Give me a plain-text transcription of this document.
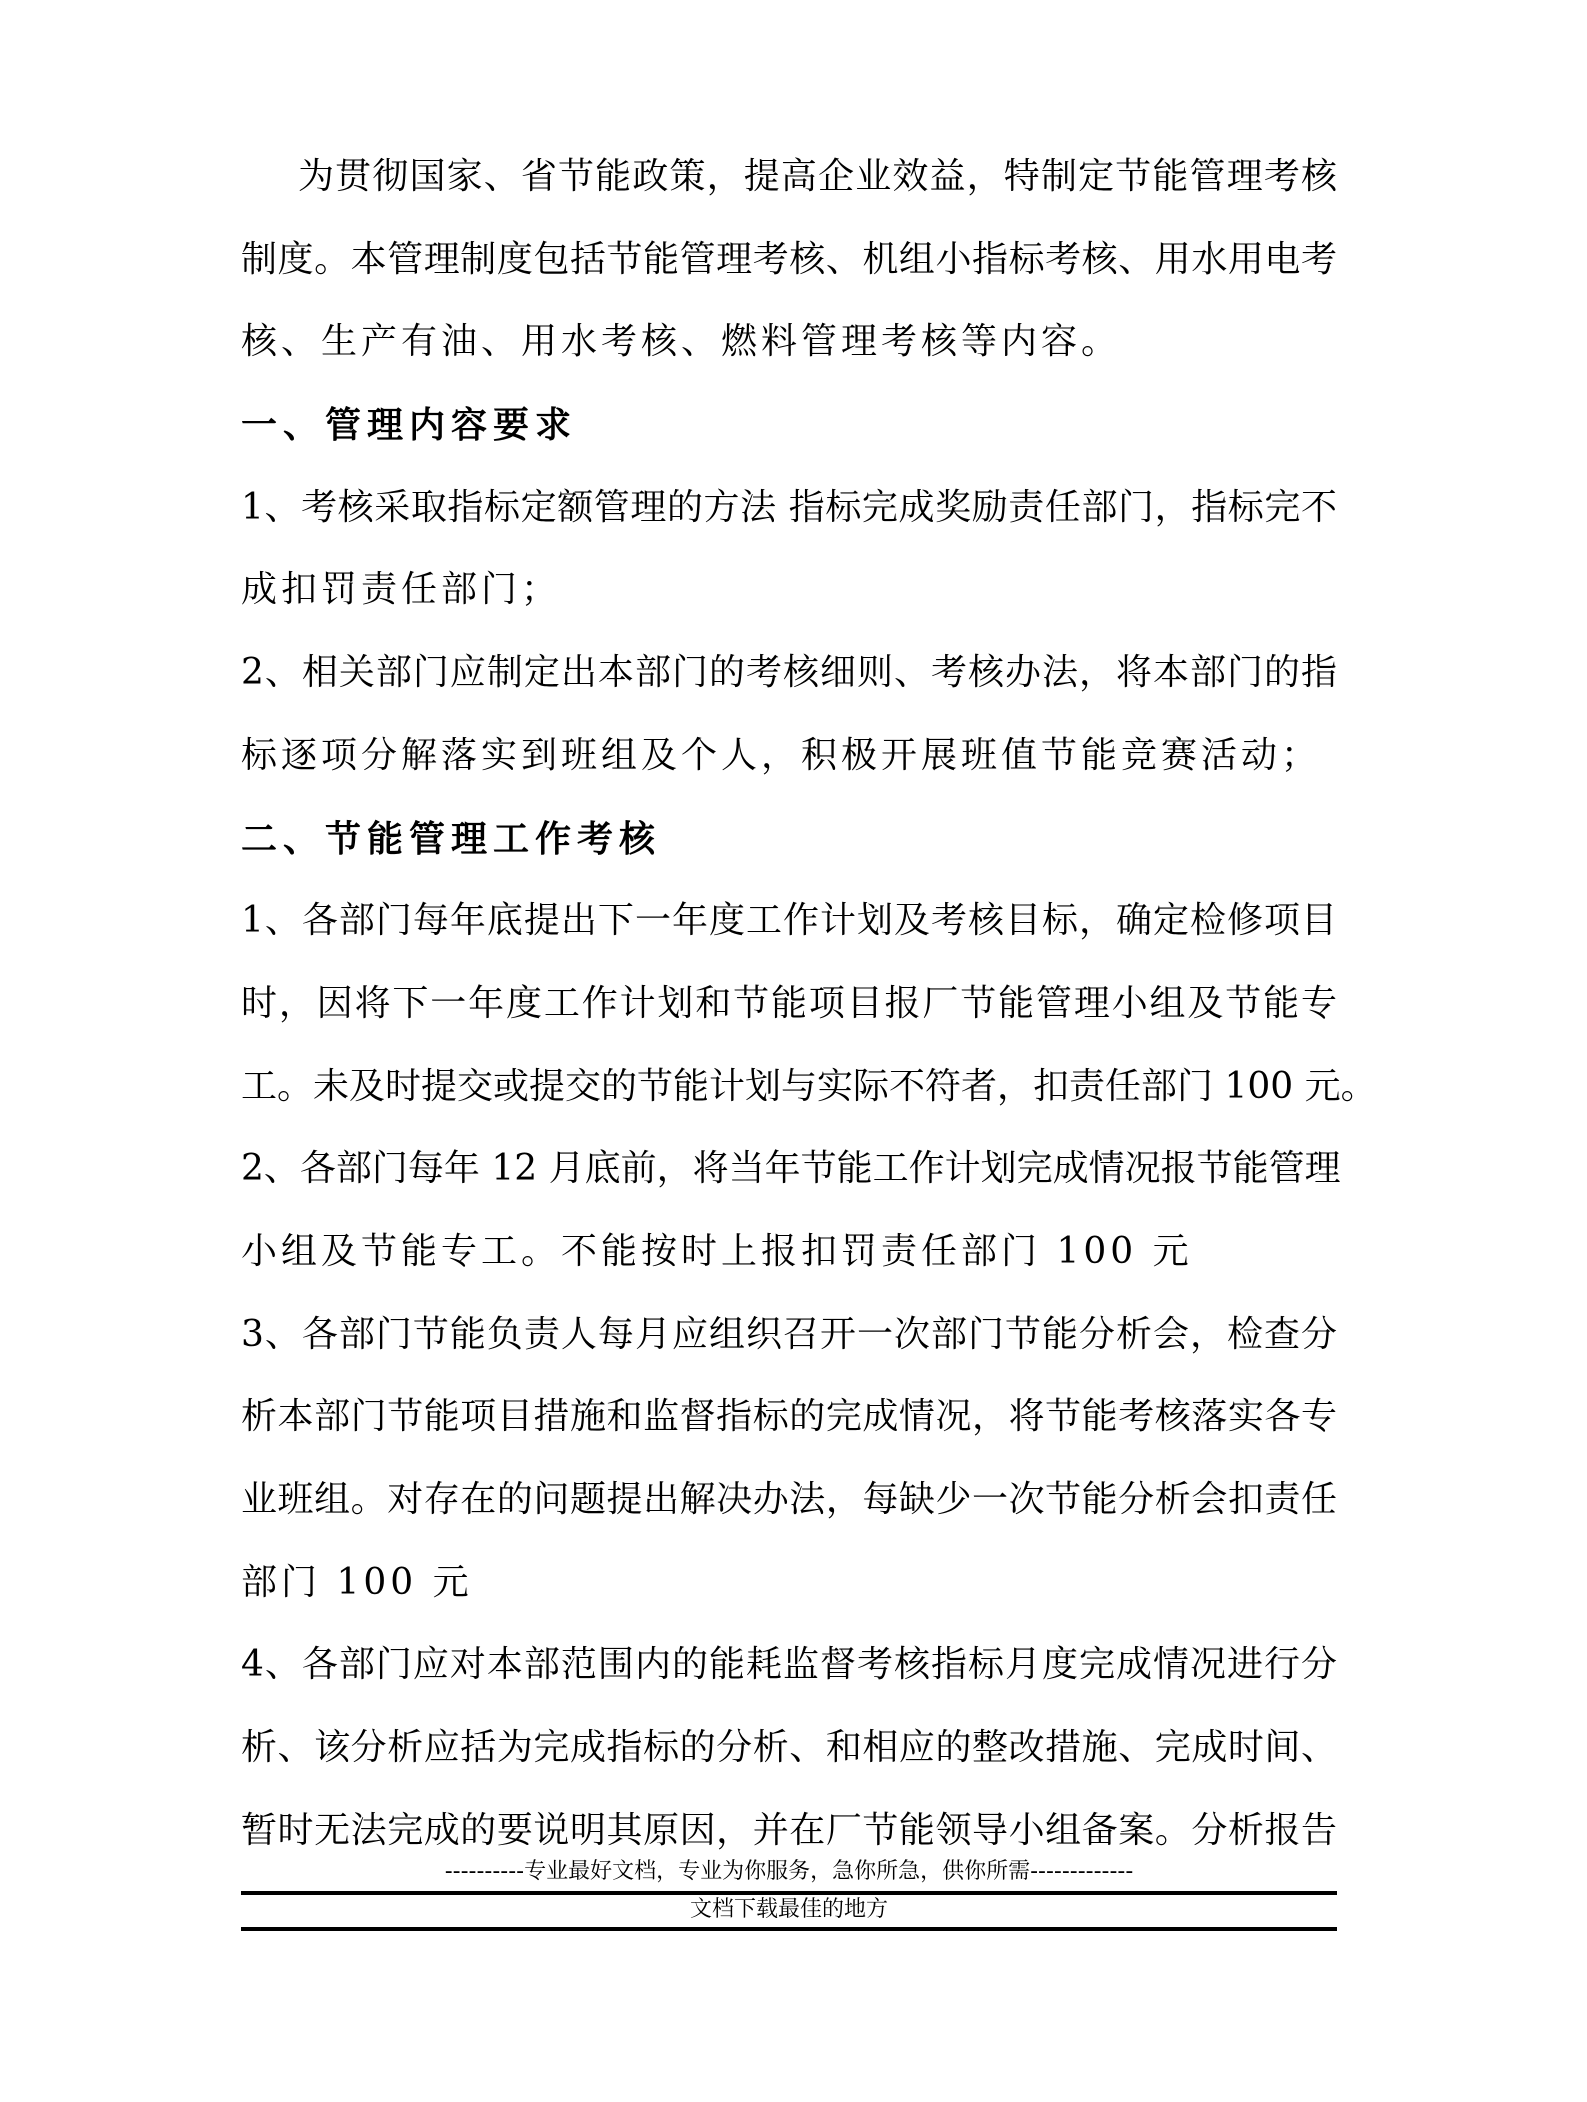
为贯彻国家、省节能政策，提高企业效益，特制定节能管理考核
制度。本管理制度包括节能管理考核、机组小指标考核、用水用电考
核、生产有油、用水考核、燃料管理考核等内容。
一、管理内容要求
1、考核采取指标定额管理的方法 指标完成奖励责任部门，指标完不
成扣罚责任部门；
2、相关部门应制定出本部门的考核细则、考核办法，将本部门的指
标逐项分解落实到班组及个人，积极开展班值节能竞赛活动；
二、节能管理工作考核
1、各部门每年底提出下一年度工作计划及考核目标，确定检修项目
时，因将下一年度工作计划和节能项目报厂节能管理小组及节能专
工。未及时提交或提交的节能计划与实际不符者，扣责任部门 100 元。
2、各部门每年 12 月底前，将当年节能工作计划完成情况报节能管理
小组及节能专工。不能按时上报扣罚责任部门 100 元
3、各部门节能负责人每月应组织召开一次部门节能分析会，检查分
析本部门节能项目措施和监督指标的完成情况，将节能考核落实各专
业班组。对存在的问题提出解决办法，每缺少一次节能分析会扣责任
部门 100 元
4、各部门应对本部范围内的能耗监督考核指标月度完成情况进行分
析、该分析应括为完成指标的分析、和相应的整改措施、完成时间、
暂时无法完成的要说明其原因，并在厂节能领导小组备案。分析报告
----------专业最好文档，专业为你服务，急你所急，供你所需-------------
文档下载最佳的地方
